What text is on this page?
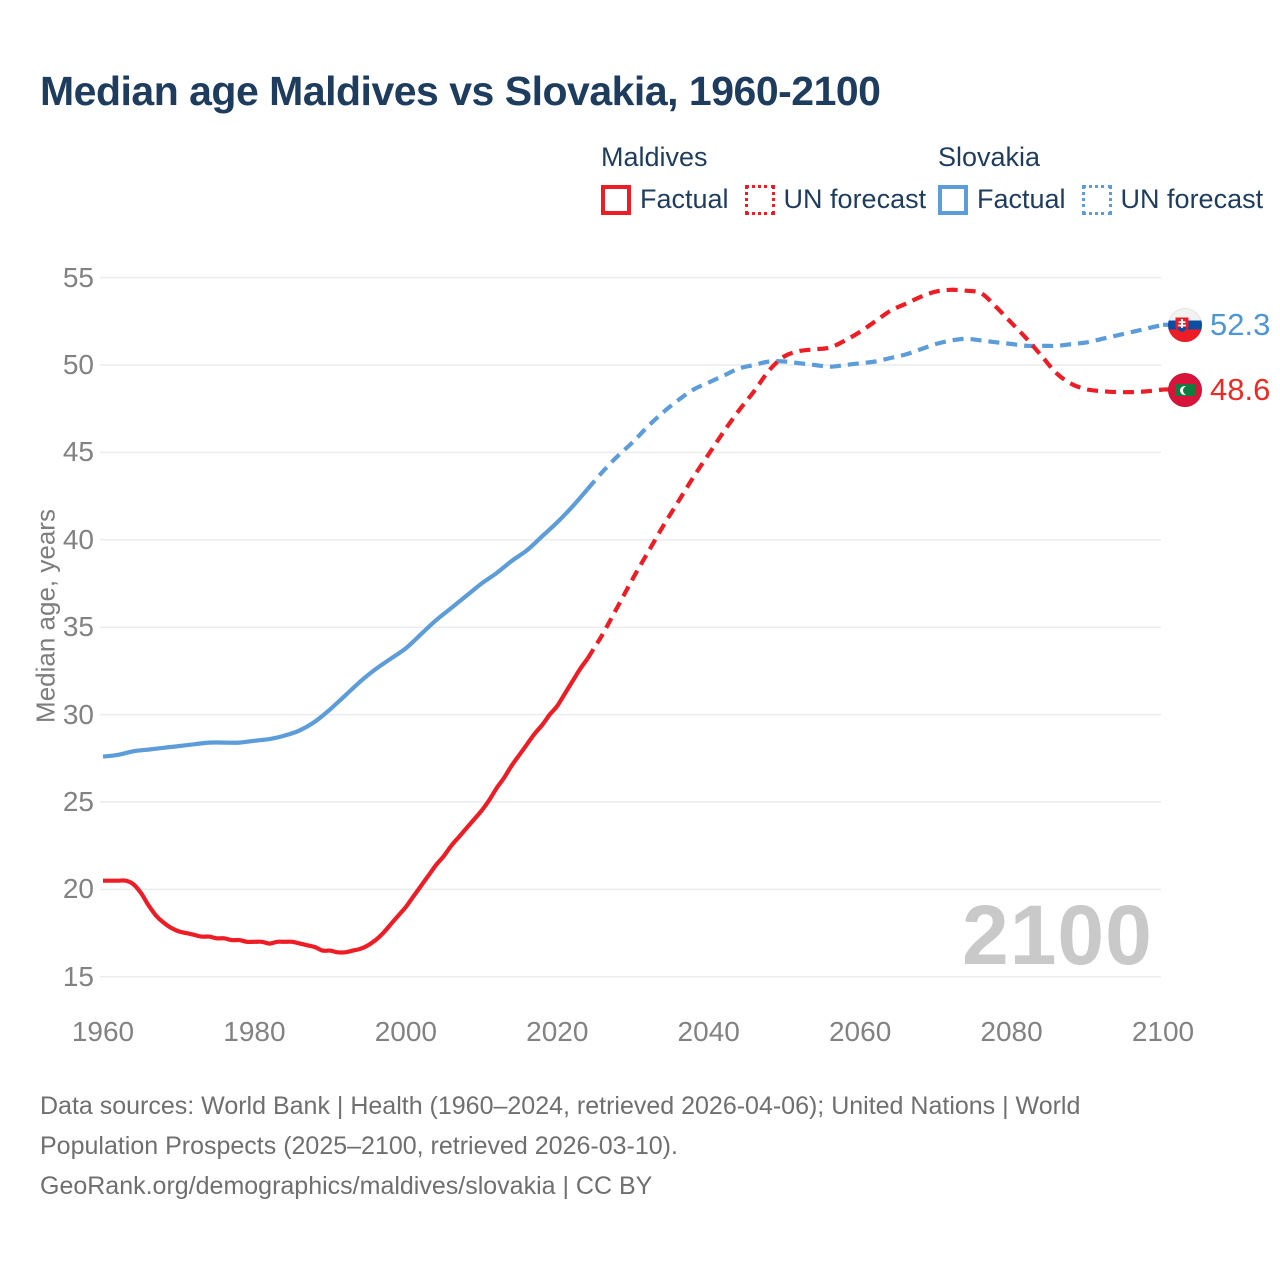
Median age Maldives vs Slovakia, 1960-2100
Maldives
Factual UN forecast
Slovakia
Factual UN forecast
Median age, years
15
20
25
30
35
40
45
50
55
1960	1980	2000	2020	2040	2060	2080	2100
2100
52.3
48.6
Data sources: World Bank | Health (1960–2024, retrieved 2026-04-06); United Nations | World
Population Prospects (2025–2100, retrieved 2026-03-10).
GeoRank.org/demographics/maldives/slovakia | CC BY
